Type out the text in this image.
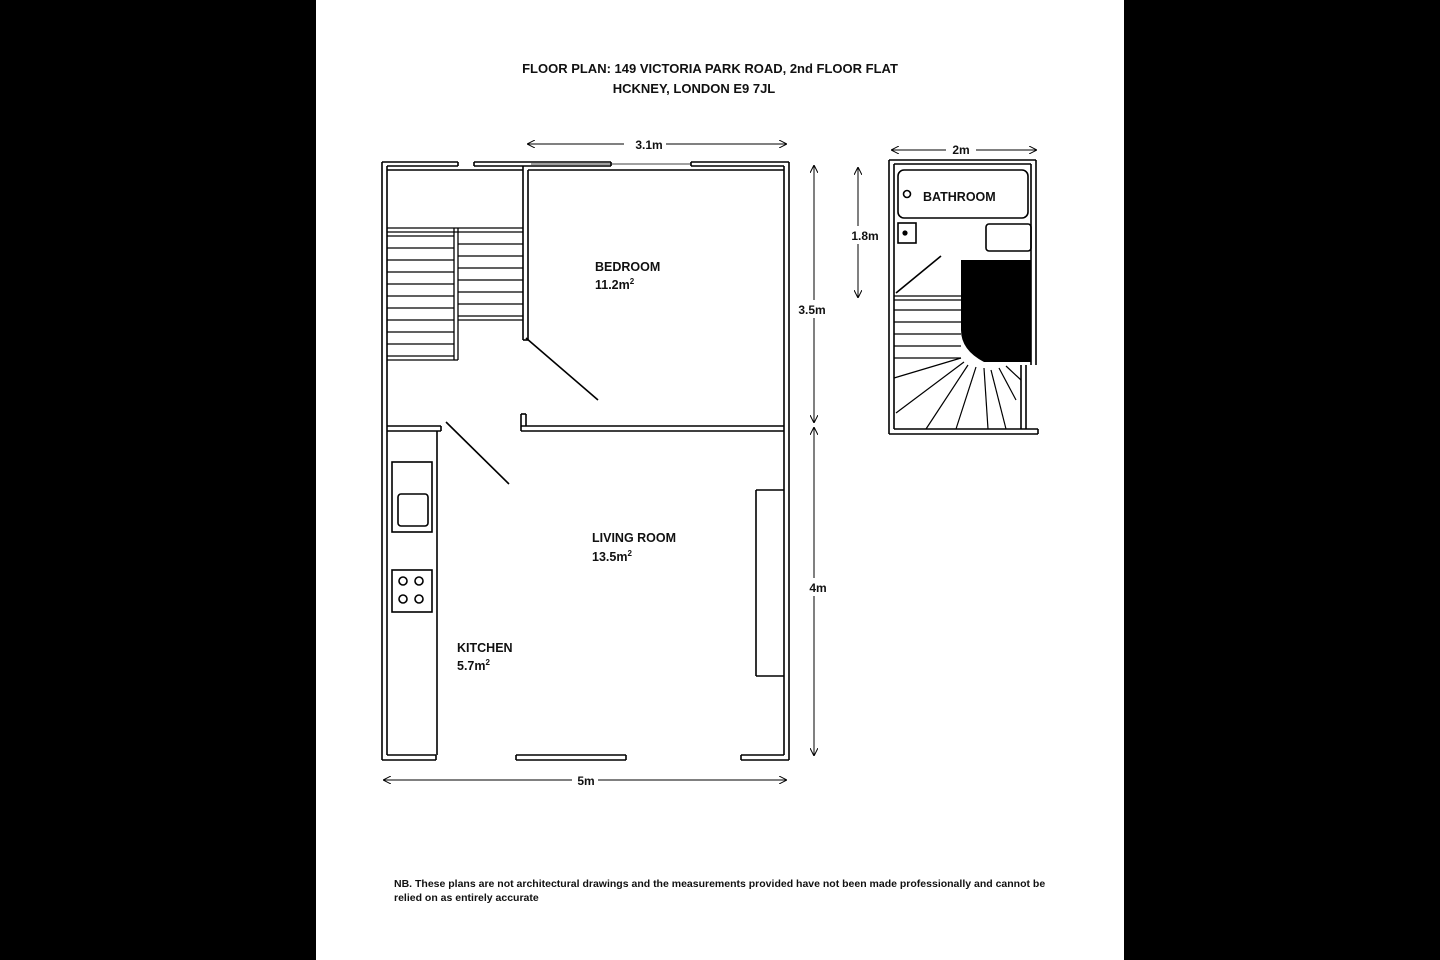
FLOOR PLAN: 149 VICTORIA PARK ROAD, 2nd FLOOR FLAT
HCKNEY, LONDON E9 7JL
3.1m
5m
3.5m
4m
2m
1.8m
BEDROOM
$11.2m^2$
LIVING ROOM
$13.5m^2$
KITCHEN
$5.7m^2$
BATHROOM
NB. These plans are not architectural drawings and the measurements provided have not been made professionally and cannot be relied on as entirely accurate
